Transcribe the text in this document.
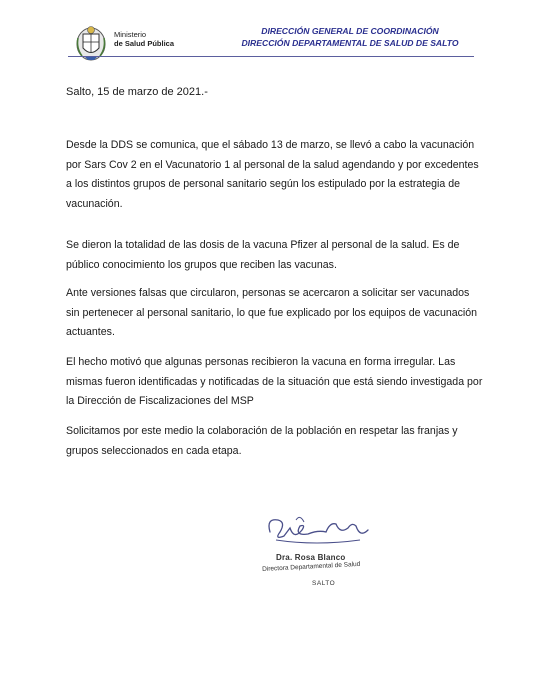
Ministerio
de Salud Pública
DIRECCIÓN GENERAL DE COORDINACIÓN
DIRECCIÓN DEPARTAMENTAL DE SALUD DE SALTO
Salto, 15 de marzo de 2021.-

Desde la DDS se comunica, que el sábado 13 de marzo, se llevó a cabo la vacunación por Sars Cov 2 en el Vacunatorio 1 al personal de la salud agendando y por excedentes a los distintos grupos de personal sanitario según los estipulado por la estrategia de vacunación.

Se dieron la totalidad de las dosis de la vacuna Pfizer al personal de la salud. Es de público conocimiento los grupos que reciben las vacunas.

Ante versiones falsas que circularon, personas se acercaron a solicitar ser vacunados sin pertenecer al personal sanitario, lo que fue explicado por los equipos de vacunación actuantes.

El hecho motivó que algunas personas recibieron la vacuna en forma irregular. Las mismas fueron identificadas y notificadas de la situación que está siendo investigada por la Dirección de Fiscalizaciones del MSP

Solicitamos por este medio la colaboración de la población en respetar las franjas y grupos seleccionados en cada etapa.

Dra. Rosa Blanco
Directora Departamental de Salud
SALTO
